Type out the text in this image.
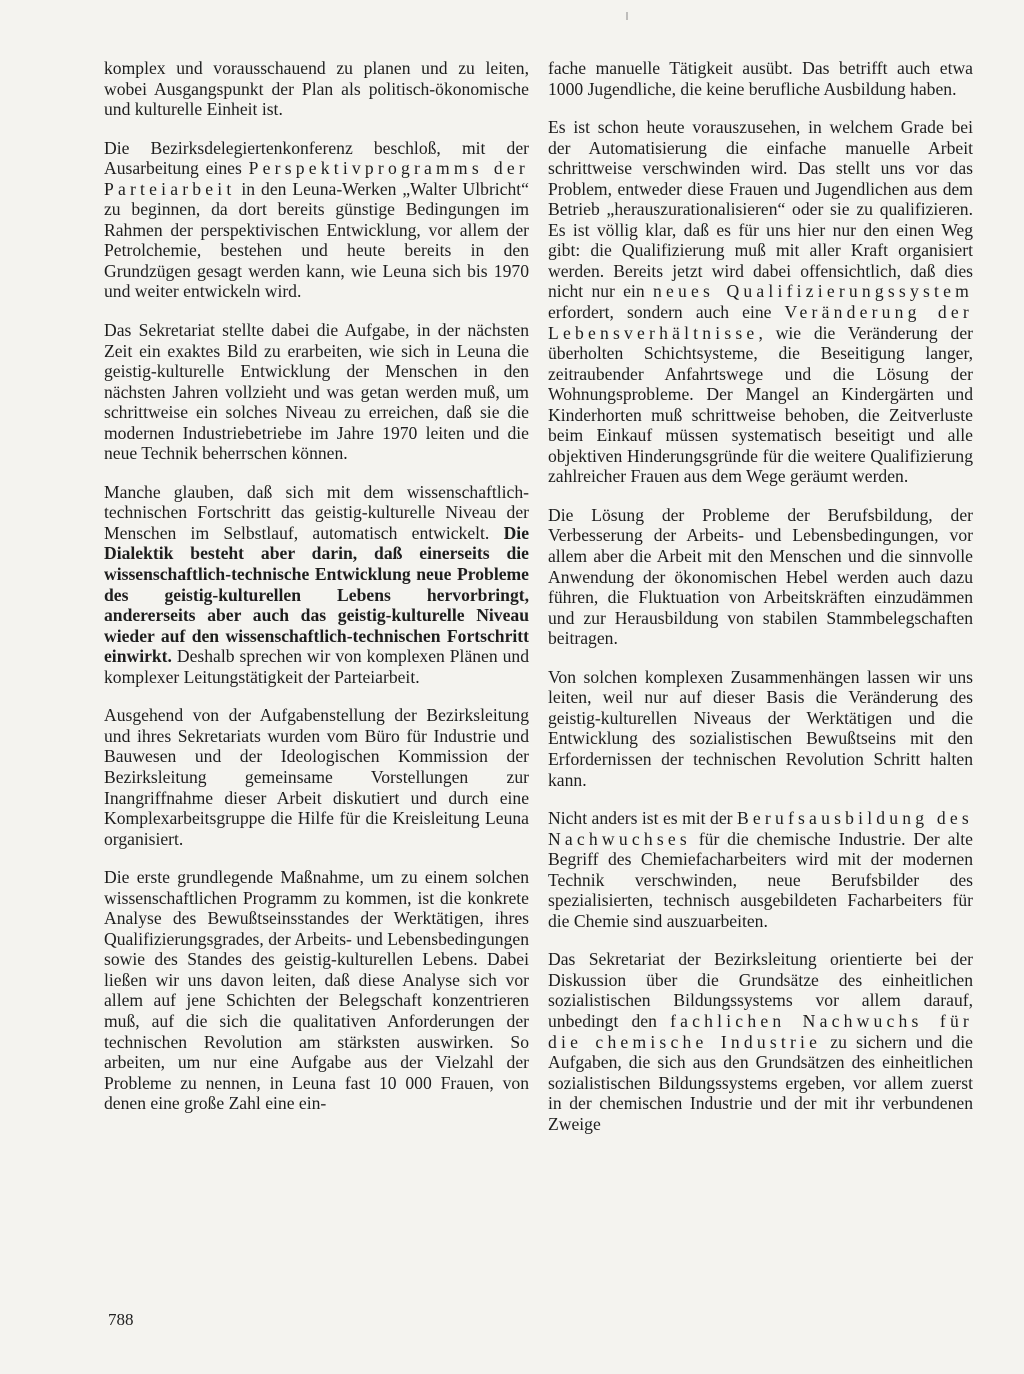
komplex und vorausschauend zu planen und zu leiten, wobei Ausgangspunkt der Plan als politisch-ökonomische und kulturelle Einheit ist.

Die Bezirksdelegiertenkonferenz beschloß, mit der Ausarbeitung eines Perspektivprogramms der Parteiarbeit in den Leuna-Werken „Walter Ulbricht“ zu beginnen, da dort bereits günstige Bedingungen im Rahmen der perspektivischen Entwicklung, vor allem der Petrolchemie, bestehen und heute bereits in den Grundzügen gesagt werden kann, wie Leuna sich bis 1970 und weiter entwickeln wird.

Das Sekretariat stellte dabei die Aufgabe, in der nächsten Zeit ein exaktes Bild zu erarbeiten, wie sich in Leuna die geistig-kulturelle Entwicklung der Menschen in den nächsten Jahren vollzieht und was getan werden muß, um schrittweise ein solches Niveau zu erreichen, daß sie die modernen Industriebetriebe im Jahre 1970 leiten und die neue Technik beherrschen können.

Manche glauben, daß sich mit dem wissenschaftlich-technischen Fortschritt das geistig-kulturelle Niveau der Menschen im Selbstlauf, automatisch entwickelt. Die Dialektik besteht aber darin, daß einerseits die wissenschaftlich-technische Entwicklung neue Probleme des geistig-kulturellen Lebens hervorbringt, andererseits aber auch das geistig-kulturelle Niveau wieder auf den wissenschaftlich-technischen Fortschritt einwirkt. Deshalb sprechen wir von komplexen Plänen und komplexer Leitungstätigkeit der Parteiarbeit.

Ausgehend von der Aufgabenstellung der Bezirksleitung und ihres Sekretariats wurden vom Büro für Industrie und Bauwesen und der Ideologischen Kommission der Bezirksleitung gemeinsame Vorstellungen zur Inangriffnahme dieser Arbeit diskutiert und durch eine Komplexarbeitsgruppe die Hilfe für die Kreisleitung Leuna organisiert.

Die erste grundlegende Maßnahme, um zu einem solchen wissenschaftlichen Programm zu kommen, ist die konkrete Analyse des Bewußtseinsstandes der Werktätigen, ihres Qualifizierungsgrades, der Arbeits- und Lebensbedingungen sowie des Standes des geistig-kulturellen Lebens. Dabei ließen wir uns davon leiten, daß diese Analyse sich vor allem auf jene Schichten der Belegschaft konzentrieren muß, auf die sich die qualitativen Anforderungen der technischen Revolution am stärksten auswirken. So arbeiten, um nur eine Aufgabe aus der Vielzahl der Probleme zu nennen, in Leuna fast 10 000 Frauen, von denen eine große Zahl eine ein-

fache manuelle Tätigkeit ausübt. Das betrifft auch etwa 1000 Jugendliche, die keine berufliche Ausbildung haben.

Es ist schon heute vorauszusehen, in welchem Grade bei der Automatisierung die einfache manuelle Arbeit schrittweise verschwinden wird. Das stellt uns vor das Problem, entweder diese Frauen und Jugendlichen aus dem Betrieb „herauszurationalisieren“ oder sie zu qualifizieren. Es ist völlig klar, daß es für uns hier nur den einen Weg gibt: die Qualifizierung muß mit aller Kraft organisiert werden. Bereits jetzt wird dabei offensichtlich, daß dies nicht nur ein neues Qualifizierungssystem erfordert, sondern auch eine Veränderung der Lebensverhältnisse, wie die Veränderung der überholten Schichtsysteme, die Beseitigung langer, zeitraubender Anfahrtswege und die Lösung der Wohnungsprobleme. Der Mangel an Kindergärten und Kinderhorten muß schrittweise behoben, die Zeitverluste beim Einkauf müssen systematisch beseitigt und alle objektiven Hinderungsgründe für die weitere Qualifizierung zahlreicher Frauen aus dem Wege geräumt werden.

Die Lösung der Probleme der Berufsbildung, der Verbesserung der Arbeits- und Lebensbedingungen, vor allem aber die Arbeit mit den Menschen und die sinnvolle Anwendung der ökonomischen Hebel werden auch dazu führen, die Fluktuation von Arbeitskräften einzudämmen und zur Herausbildung von stabilen Stammbelegschaften beitragen.

Von solchen komplexen Zusammenhängen lassen wir uns leiten, weil nur auf dieser Basis die Veränderung des geistig-kulturellen Niveaus der Werktätigen und die Entwicklung des sozialistischen Bewußtseins mit den Erfordernissen der technischen Revolution Schritt halten kann.

Nicht anders ist es mit der Berufsausbildung des Nachwuchses für die chemische Industrie. Der alte Begriff des Chemiefacharbeiters wird mit der modernen Technik verschwinden, neue Berufsbilder des spezialisierten, technisch ausgebildeten Facharbeiters für die Chemie sind auszuarbeiten.

Das Sekretariat der Bezirksleitung orientierte bei der Diskussion über die Grundsätze des einheitlichen sozialistischen Bildungssystems vor allem darauf, unbedingt den fachlichen Nachwuchs für die chemische Industrie zu sichern und die Aufgaben, die sich aus den Grundsätzen des einheitlichen sozialistischen Bildungssystems ergeben, vor allem zuerst in der chemischen Industrie und der mit ihr verbundenen Zweige

788
